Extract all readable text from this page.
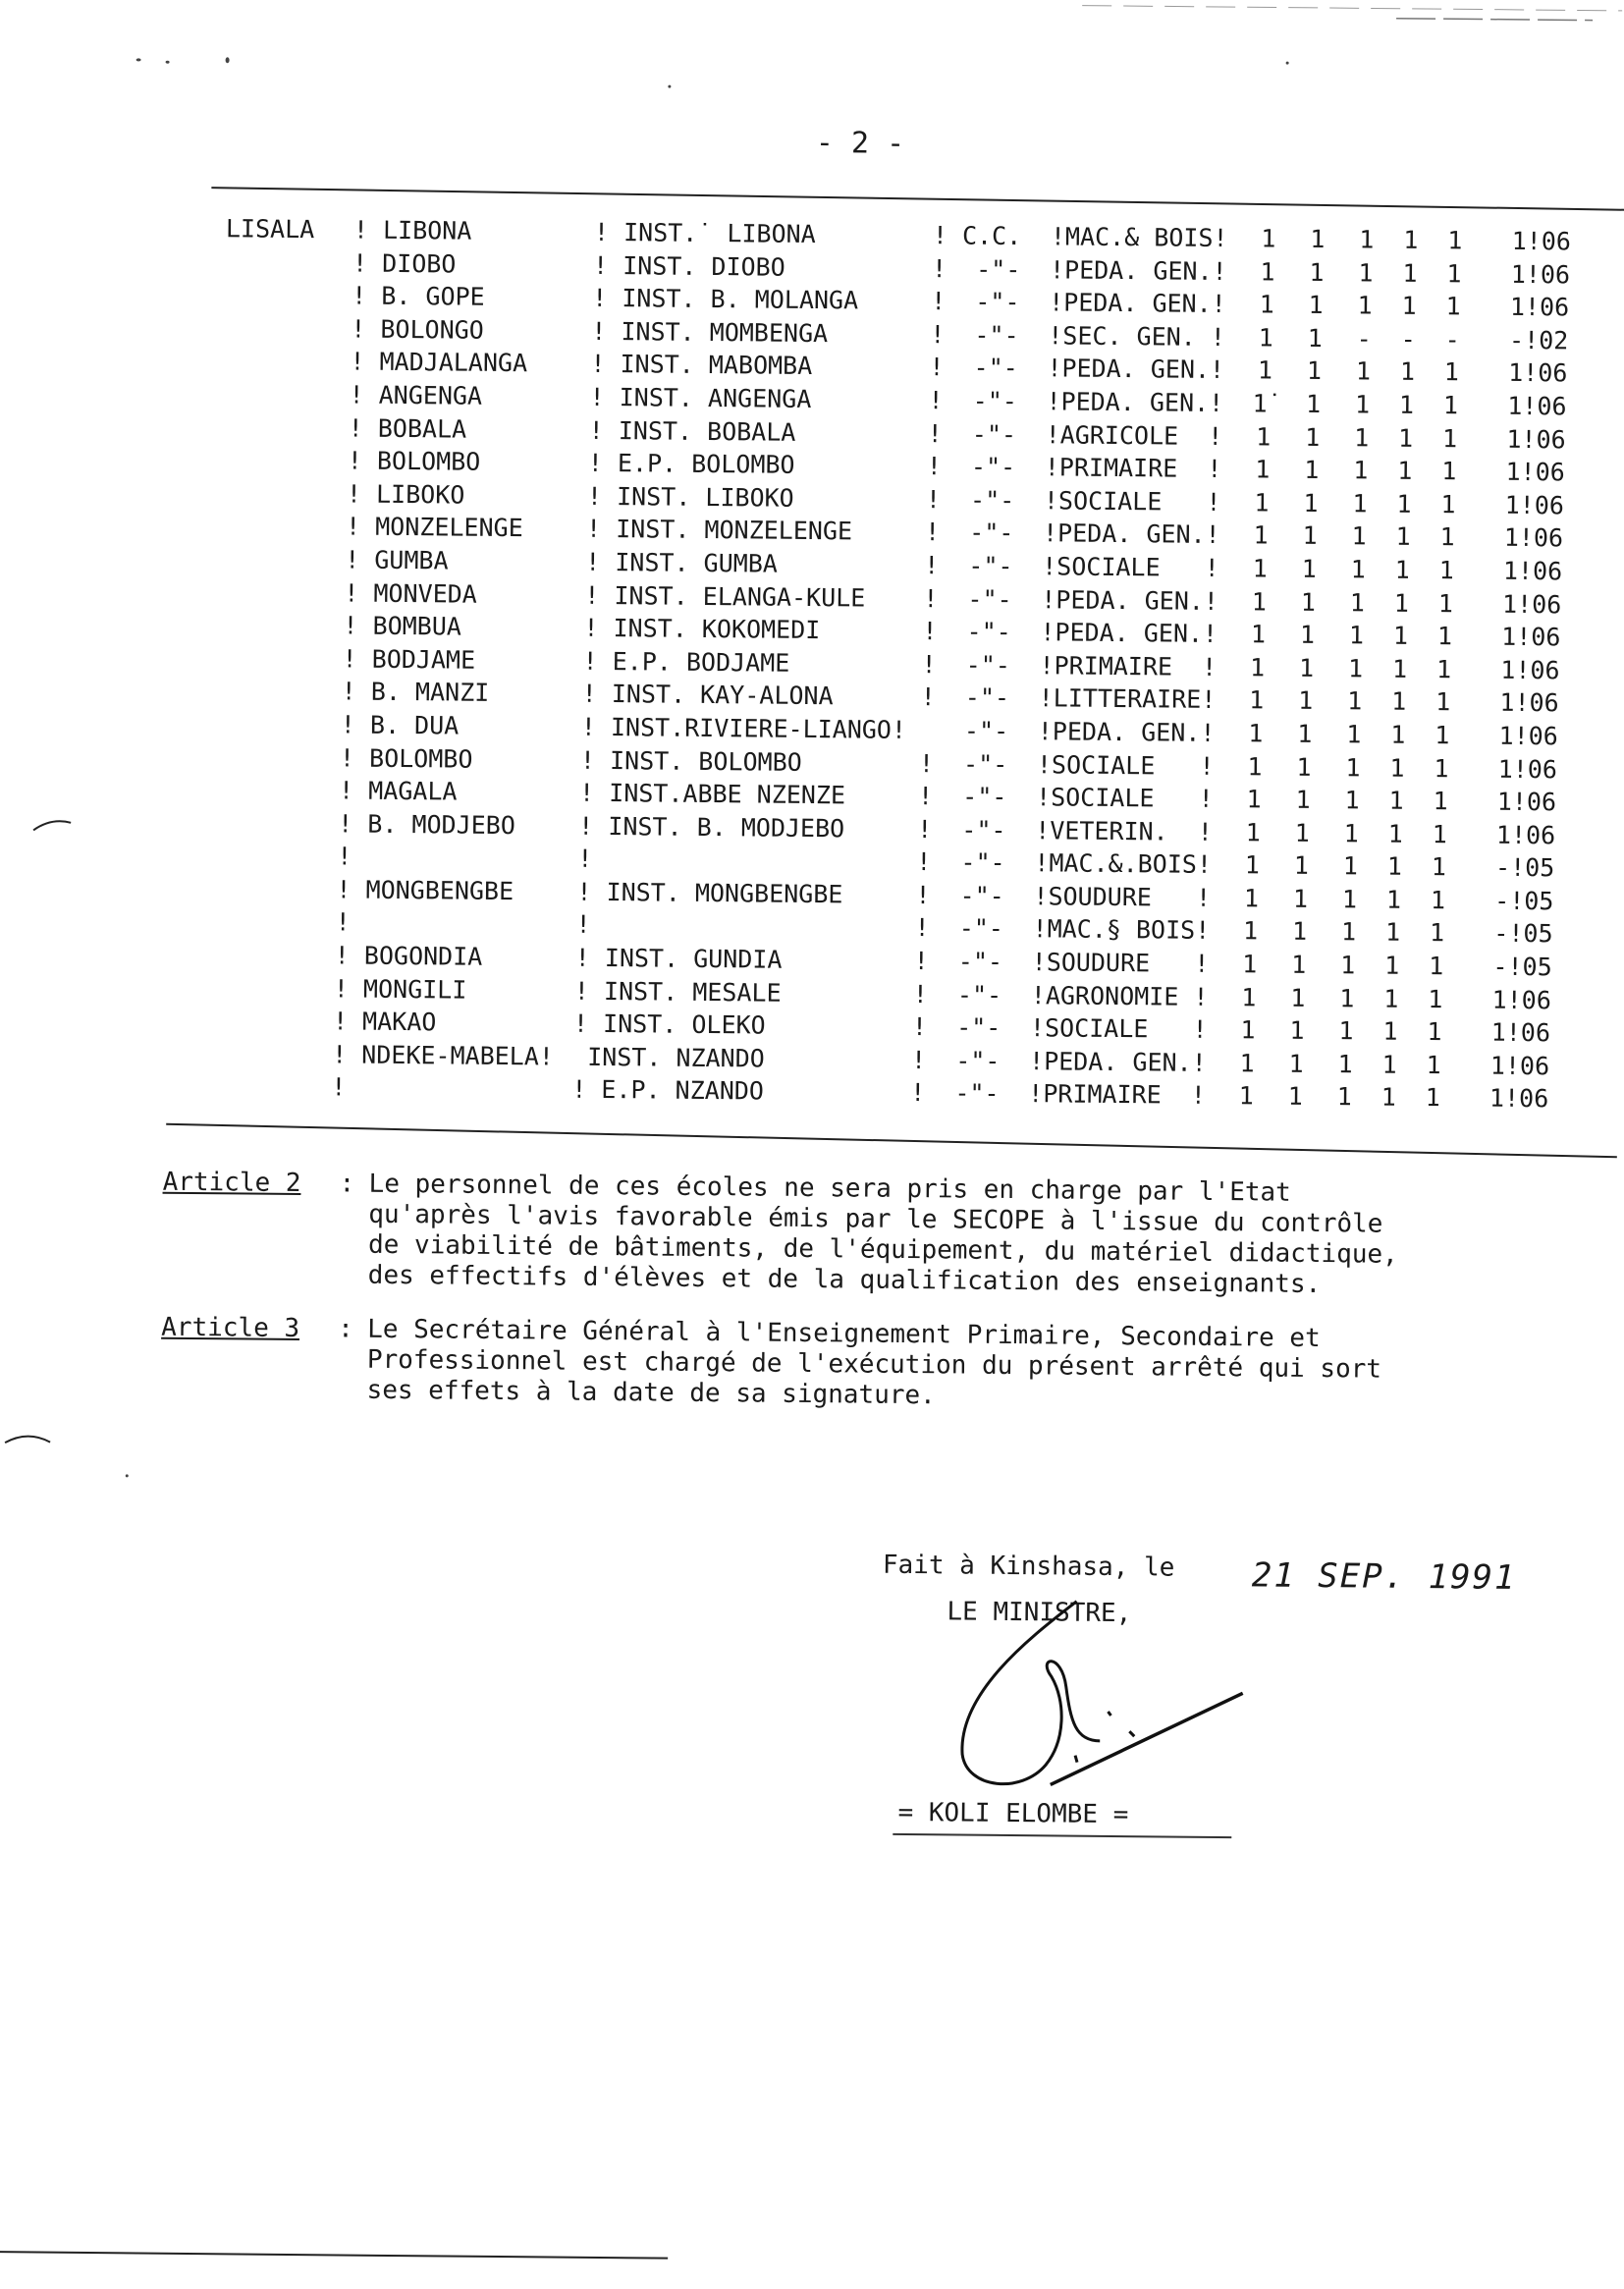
- 2 -
LISALA ! LIBONA	! INST.˙ LIBONA	! C.C. !MAC.& BOIS! 1 1 1 1 1	1!06
! DIOBO	! INST. DIOBO	!  -"- !PEDA. GEN.! 1 1 1 1 1	1!06
! B. GOPE	! INST. B. MOLANGA	!  -"- !PEDA. GEN.! 1 1 1 1 1	1!06
! BOLONGO	! INST. MOMBENGA	!  -"- !SEC. GEN. ! 1 1 - - -	-!02
! MADJALANGA	! INST. MABOMBA	!  -"- !PEDA. GEN.! 1 1 1 1 1	1!06
! ANGENGA	! INST. ANGENGA	!  -"- !PEDA. GEN.! 1˙ 1 1 1 1	1!06
! BOBALA	! INST. BOBALA	!  -"- !AGRICOLE  ! 1 1 1 1 1	1!06
! BOLOMBO	! E.P. BOLOMBO	!  -"- !PRIMAIRE  ! 1 1 1 1 1	1!06
! LIBOKO	! INST. LIBOKO	!  -"- !SOCIALE   ! 1 1 1 1 1	1!06
! MONZELENGE	! INST. MONZELENGE	!  -"- !PEDA. GEN.! 1 1 1 1 1	1!06
! GUMBA	! INST. GUMBA	!  -"- !SOCIALE   ! 1 1 1 1 1	1!06
! MONVEDA	! INST. ELANGA-KULE !  -"- !PEDA. GEN.! 1 1 1 1 1	1!06
! BOMBUA	! INST. KOKOMEDI	!  -"- !PEDA. GEN.! 1 1 1 1 1	1!06
! BODJAME	! E.P. BODJAME	!  -"- !PRIMAIRE  ! 1 1 1 1 1	1!06
! B. MANZI	! INST. KAY-ALONA	!  -"- !LITTERAIRE! 1 1 1 1 1	1!06
! B. DUA	! INST.RIVIERE-LIANGO! -"- !PEDA. GEN.! 1 1 1 1 1	1!06
! BOLOMBO	! INST. BOLOMBO	!  -"- !SOCIALE   ! 1 1 1 1 1	1!06
! MAGALA	! INST.ABBE NZENZE	!  -"- !SOCIALE   ! 1 1 1 1 1	1!06
! B. MODJEBO	! INST. B. MODJEBO	!  -"- !VETERIN.  ! 1 1 1 1 1	1!06
!	!	!  -"- !MAC.&.BOIS! 1 1 1 1 1	-!05
! MONGBENGBE	! INST. MONGBENGBE	!  -"- !SOUDURE   ! 1 1 1 1 1	-!05
!	!	!  -"- !MAC.§ BOIS! 1 1 1 1 1	-!05
! BOGONDIA	! INST. GUNDIA	!  -"- !SOUDURE   ! 1 1 1 1 1	-!05
! MONGILI	! INST. MESALE	!  -"- !AGRONOMIE ! 1 1 1 1 1	1!06
! MAKAO	! INST. OLEKO	!  -"- !SOCIALE   ! 1 1 1 1 1	1!06
! NDEKE-MABELA! INST. NZANDO	!  -"- !PEDA. GEN.! 1 1 1 1 1	1!06
!	! E.P. NZANDO	!  -"- !PRIMAIRE  ! 1 1 1 1 1	1!06
Article 2	: Le personnel de ces écoles ne sera pris en charge par l'Etat

qu'après l'avis favorable émis par le SECOPE à l'issue du contrôle

de viabilité de bâtiments, de l'équipement, du matériel didactique,

des effectifs d'élèves et de la qualification des enseignants.

Article 3	: Le Secrétaire Général à l'Enseignement Primaire, Secondaire et

Professionnel est chargé de l'exécution du présent arrêté qui sort

ses effets à la date de sa signature.

Fait à Kinshasa, le 21 SEP. 1991
LE MINISTRE,
= KOLI ELOMBE =
